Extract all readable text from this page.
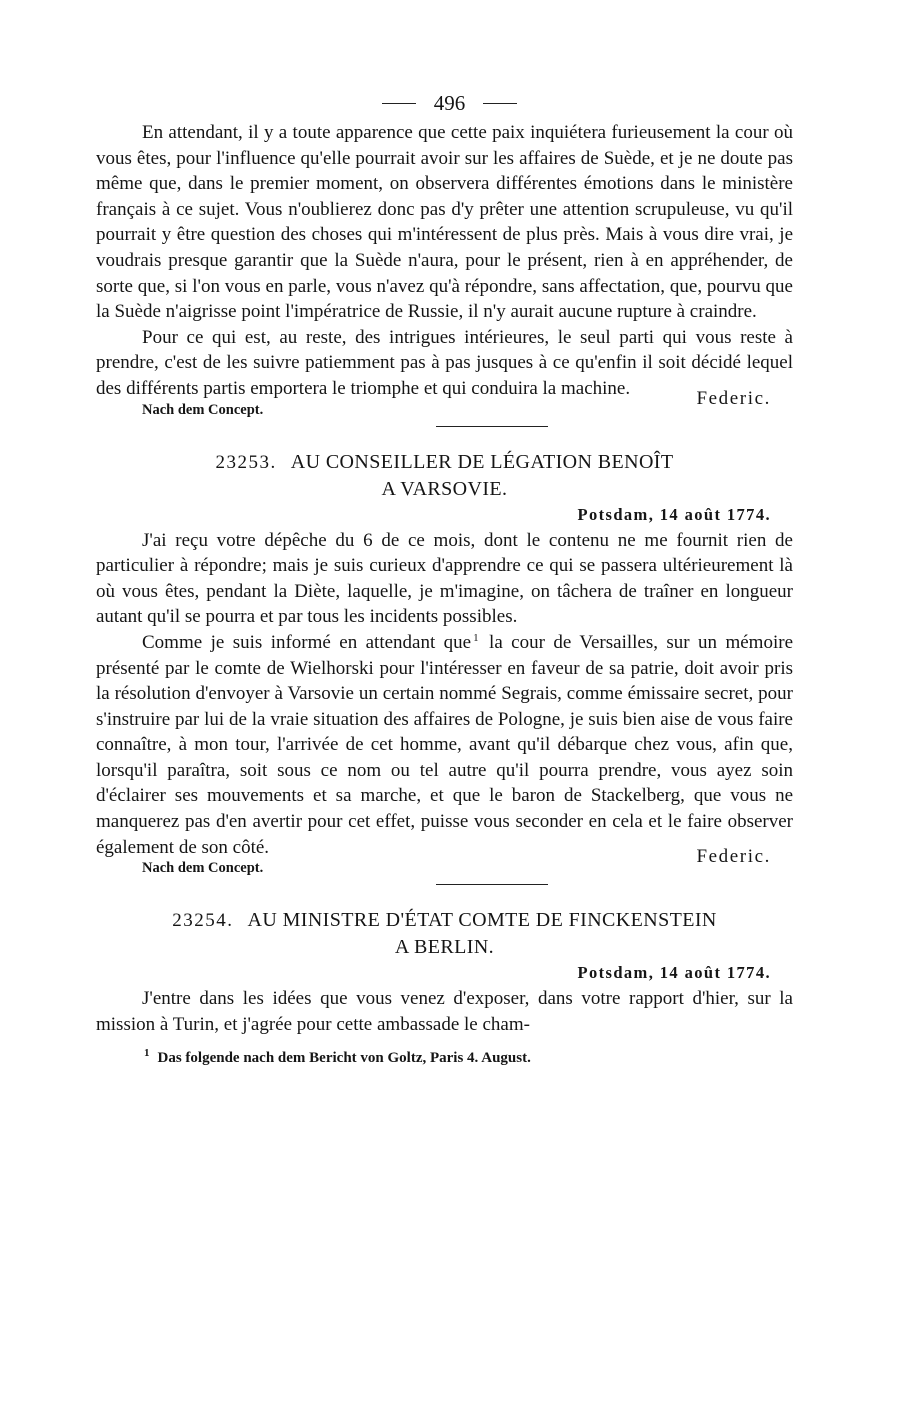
496

En attendant, il y a toute apparence que cette paix inquiétera furieusement la cour où vous êtes, pour l'influence qu'elle pourrait avoir sur les affaires de Suède, et je ne doute pas même que, dans le premier moment, on observera différentes émotions dans le ministère français à ce sujet. Vous n'oublierez donc pas d'y prêter une attention scrupuleuse, vu qu'il pourrait y être question des choses qui m'intéressent de plus près. Mais à vous dire vrai, je voudrais presque garantir que la Suède n'aura, pour le présent, rien à en appréhender, de sorte que, si l'on vous en parle, vous n'avez qu'à répondre, sans affectation, que, pourvu que la Suède n'aigrisse point l'impératrice de Russie, il n'y aurait aucune rupture à craindre.

Pour ce qui est, au reste, des intrigues intérieures, le seul parti qui vous reste à prendre, c'est de les suivre patiemment pas à pas jusques à ce qu'enfin il soit décidé lequel des différents partis emportera le triomphe et qui conduira la machine.

Nach dem Concept.
Federic.
23253. AU CONSEILLER DE LÉGATION BENOÎT
A VARSOVIE.
Potsdam, 14 août 1774.

J'ai reçu votre dépêche du 6 de ce mois, dont le contenu ne me fournit rien de particulier à répondre; mais je suis curieux d'apprendre ce qui se passera ultérieurement là où vous êtes, pendant la Diète, laquelle, je m'imagine, on tâchera de traîner en longueur autant qu'il se pourra et par tous les incidents possibles.

Comme je suis informé en attendant que $^1$ la cour de Versailles, sur un mémoire présenté par le comte de Wielhorski pour l'intéresser en faveur de sa patrie, doit avoir pris la résolution d'envoyer à Varsovie un certain nommé Segrais, comme émissaire secret, pour s'instruire par lui de la vraie situation des affaires de Pologne, je suis bien aise de vous faire connaître, à mon tour, l'arrivée de cet homme, avant qu'il débarque chez vous, afin que, lorsqu'il paraîtra, soit sous ce nom ou tel autre qu'il pourra prendre, vous ayez soin d'éclairer ses mouvements et sa marche, et que le baron de Stackelberg, que vous ne manquerez pas d'en avertir pour cet effet, puisse vous seconder en cela et le faire observer également de son côté.

Nach dem Concept.
Federic.
23254. AU MINISTRE D'ÉTAT COMTE DE FINCKENSTEIN
A BERLIN.
Potsdam, 14 août 1774.

J'entre dans les idées que vous venez d'exposer, dans votre rapport d'hier, sur la mission à Turin, et j'agrée pour cette ambassade le cham-

$^1$ Das folgende nach dem Bericht von Goltz, Paris 4. August.
